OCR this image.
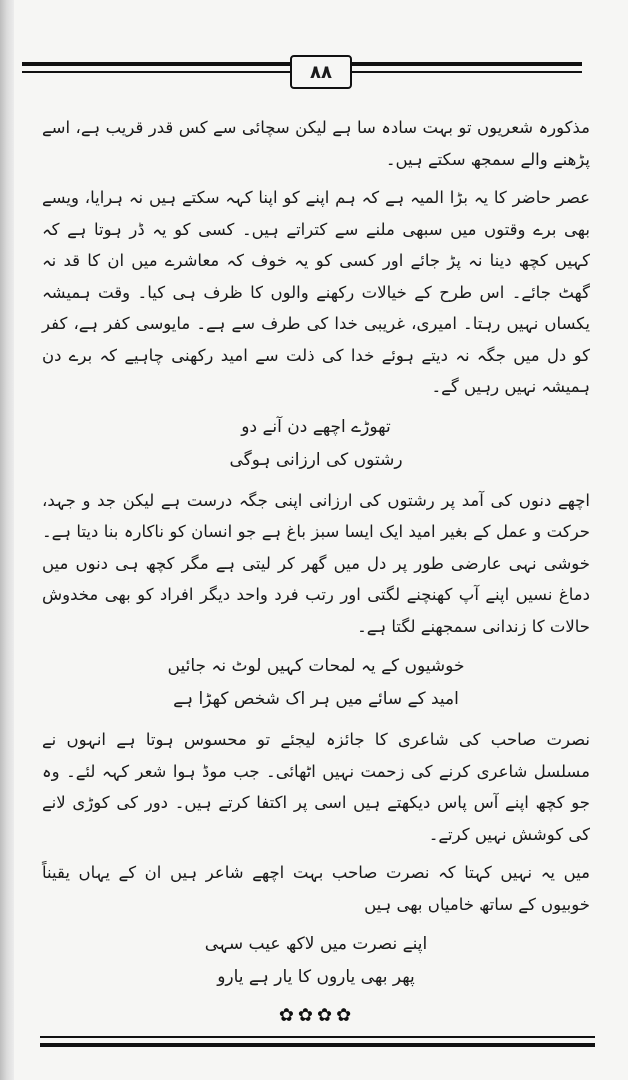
۸۸

مذکورہ شعریوں تو بہت سادہ سا ہے لیکن سچائی سے کس قدر قریب ہے، اسے پڑھنے والے سمجھ سکتے ہیں۔

عصر حاضر کا یہ بڑا المیہ ہے کہ ہم اپنے کو اپنا کہہ سکتے ہیں نہ ہرایا، ویسے بھی برے وقتوں میں سبھی ملنے سے کتراتے ہیں۔ کسی کو یہ ڈر ہوتا ہے کہ کہیں کچھ دینا نہ پڑ جائے اور کسی کو یہ خوف کہ معاشرے میں ان کا قد نہ گھٹ جائے۔ اس طرح کے خیالات رکھنے والوں کا ظرف ہی کیا۔ وقت ہمیشہ یکساں نہیں رہتا۔ امیری، غریبی خدا کی طرف سے ہے۔ مایوسی کفر ہے، کفر کو دل میں جگہ نہ دیتے ہوئے خدا کی ذلت سے امید رکھنی چاہیے کہ برے دن ہمیشہ نہیں رہیں گے۔

تھوڑے اچھے دن آنے دو

رشتوں کی ارزانی ہوگی

اچھے دنوں کی آمد پر رشتوں کی ارزانی اپنی جگہ درست ہے لیکن جد و جہد، حرکت و عمل کے بغیر امید ایک ایسا سبز باغ ہے جو انسان کو ناکارہ بنا دیتا ہے۔ خوشی نہی عارضی طور پر دل میں گھر کر لیتی ہے مگر کچھ ہی دنوں میں دماغ نسیں اپنے آپ کھنچنے لگتی اور رتب فرد واحد دیگر افراد کو بھی مخدوش حالات کا زندانی سمجھنے لگتا ہے۔

خوشیوں کے یہ لمحات کہیں لوٹ نہ جائیں

امید کے سائے میں ہر اک شخص کھڑا ہے

نصرت صاحب کی شاعری کا جائزہ لیجئے تو محسوس ہوتا ہے انہوں نے مسلسل شاعری کرنے کی زحمت نہیں اٹھائی۔ جب موڈ ہوا شعر کہہ لئے۔ وہ جو کچھ اپنے آس پاس دیکھتے ہیں اسی پر اکتفا کرتے ہیں۔ دور کی کوڑی لانے کی کوشش نہیں کرتے۔

میں یہ نہیں کہتا کہ نصرت صاحب بہت اچھے شاعر ہیں ان کے یہاں یقیناً خوبیوں کے ساتھ خامیاں بھی ہیں

اپنے نصرت میں لاکھ عیب سہی

پھر بھی یاروں کا یار ہے یارو

✿✿✿✿
